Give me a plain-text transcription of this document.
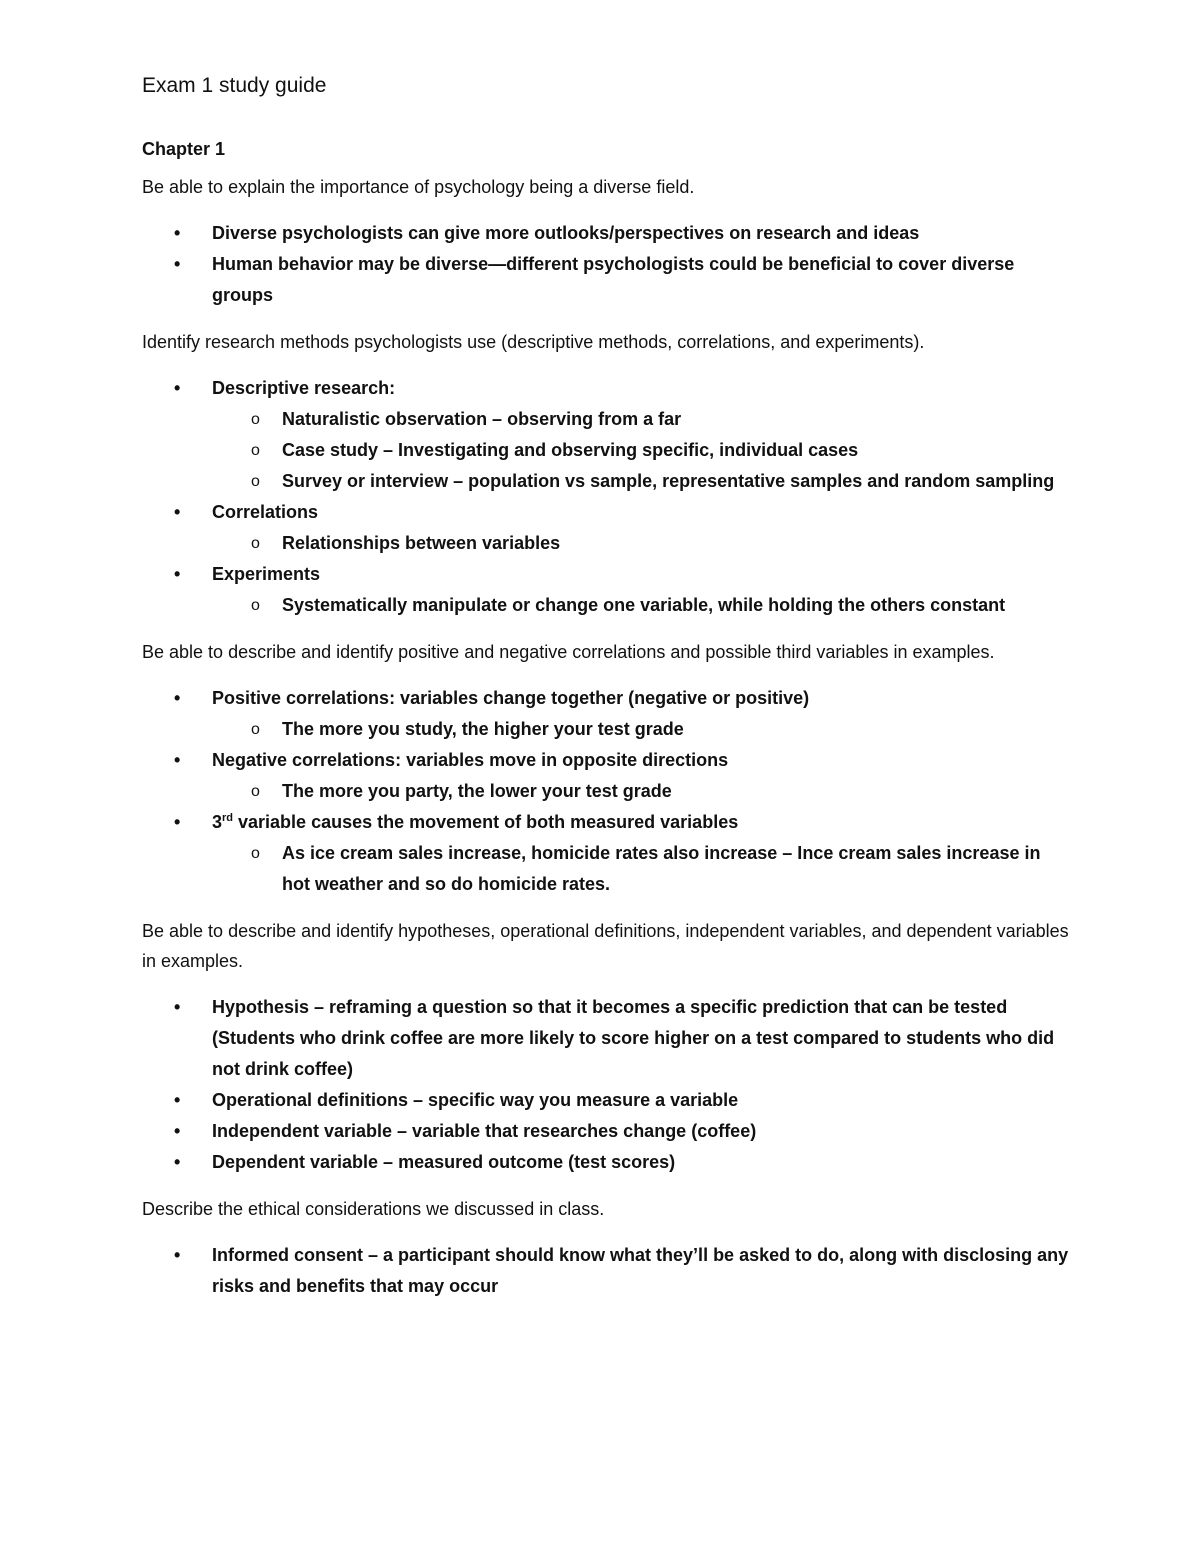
Exam 1 study guide
Chapter 1
Be able to explain the importance of psychology being a diverse field.
• Diverse psychologists can give more outlooks/perspectives on research and ideas
• Human behavior may be diverse—different psychologists could be beneficial to cover diverse groups
Identify research methods psychologists use (descriptive methods, correlations, and experiments).
• Descriptive research:
o Naturalistic observation – observing from a far
o Case study – Investigating and observing specific, individual cases
o Survey or interview – population vs sample, representative samples and random sampling
• Correlations
o Relationships between variables
• Experiments
o Systematically manipulate or change one variable, while holding the others constant
Be able to describe and identify positive and negative correlations and possible third variables in examples.
• Positive correlations: variables change together (negative or positive)
o The more you study, the higher your test grade
• Negative correlations: variables move in opposite directions
o The more you party, the lower your test grade
• 3rd variable causes the movement of both measured variables
o As ice cream sales increase, homicide rates also increase – Ince cream sales increase in hot weather and so do homicide rates.
Be able to describe and identify hypotheses, operational definitions, independent variables, and dependent variables in examples.
• Hypothesis – reframing a question so that it becomes a specific prediction that can be tested (Students who drink coffee are more likely to score higher on a test compared to students who did not drink coffee)
• Operational definitions – specific way you measure a variable
• Independent variable – variable that researches change (coffee)
• Dependent variable – measured outcome (test scores)
Describe the ethical considerations we discussed in class.
• Informed consent – a participant should know what they’ll be asked to do, along with disclosing any risks and benefits that may occur
